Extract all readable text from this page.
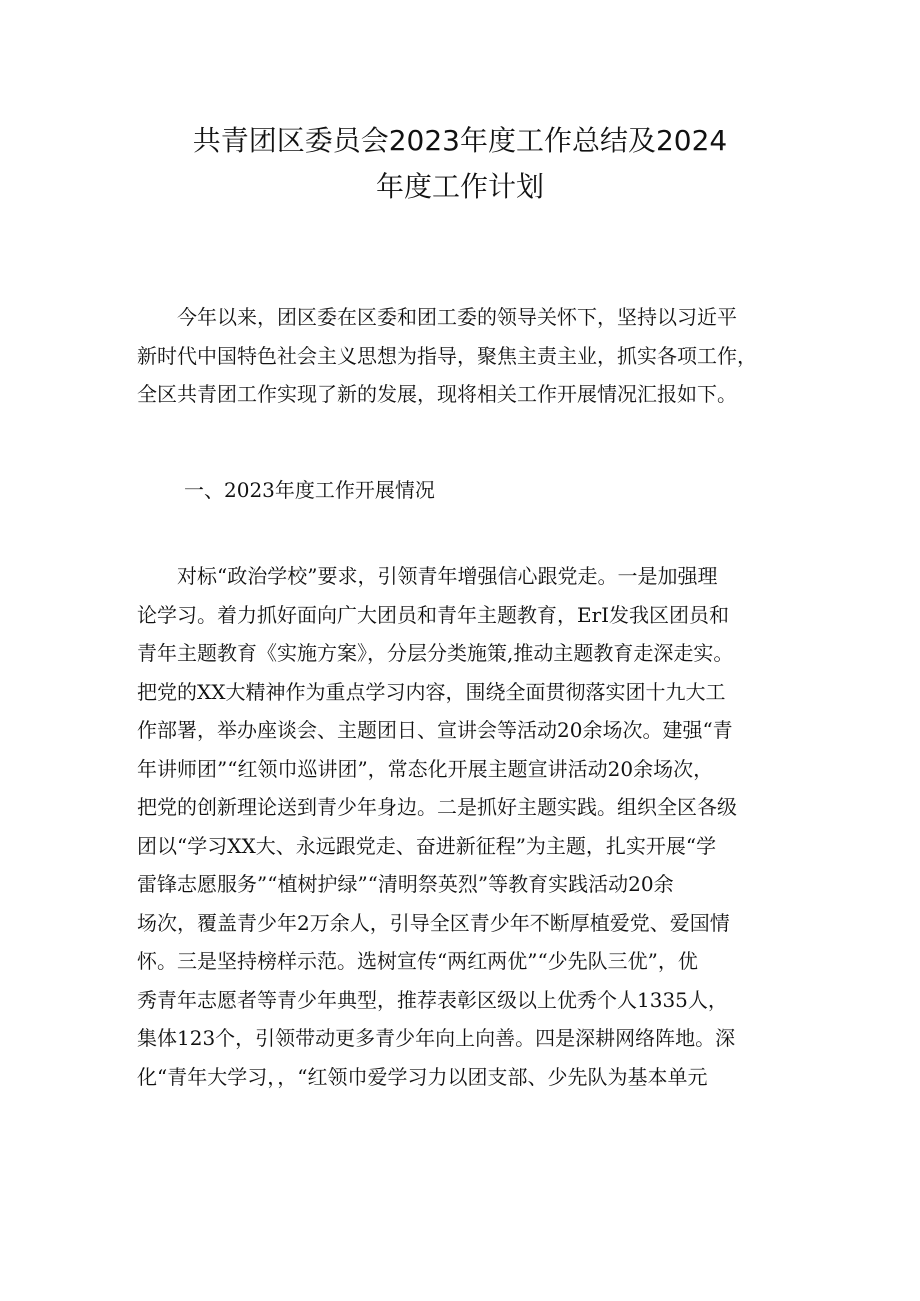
共青团区委员会2023年度工作总结及2024
年度工作计划
　　今年以来，团区委在区委和团工委的领导关怀下，坚持以习近平
新时代中国特色社会主义思想为指导，聚焦主责主业，抓实各项工作，
全区共青团工作实现了新的发展，现将相关工作开展情况汇报如下。
一、2023年度工作开展情况
　　对标“政治学校”要求，引领青年增强信心跟党走。一是加强理
论学习。着力抓好面向广大团员和青年主题教育，ErI发我区团员和
青年主题教育《实施方案》，分层分类施策,推动主题教育走深走实。
把党的XX大精神作为重点学习内容，围绕全面贯彻落实团十九大工
作部署，举办座谈会、主题团日、宣讲会等活动20余场次。建强“青
年讲师团”“红领巾巡讲团”，常态化开展主题宣讲活动20余场次，
把党的创新理论送到青少年身边。二是抓好主题实践。组织全区各级
团以“学习XX大、永远跟党走、奋进新征程”为主题，扎实开展“学
雷锋志愿服务”“植树护绿”“清明祭英烈”等教育实践活动20余
场次，覆盖青少年2万余人，引导全区青少年不断厚植爱党、爱国情
怀。三是坚持榜样示范。选树宣传“两红两优”“少先队三优”，优
秀青年志愿者等青少年典型，推荐表彰区级以上优秀个人1335人，
集体123个，引领带动更多青少年向上向善。四是深耕网络阵地。深
化“青年大学习，，“红领巾爱学习力以团支部、少先队为基本单元
